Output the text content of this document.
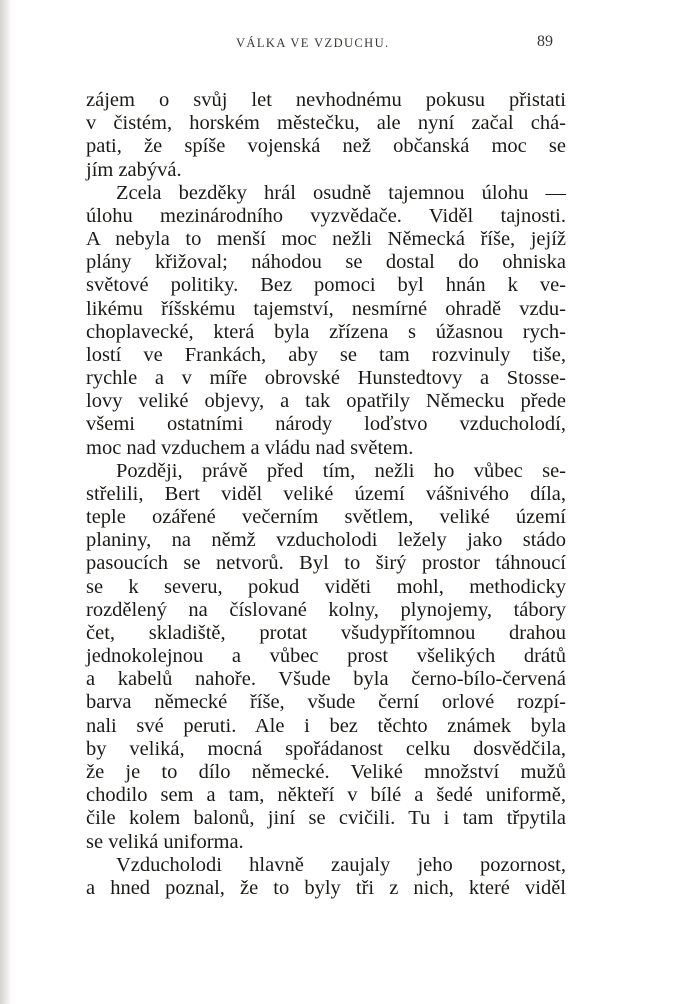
VÁLKA VE VZDUCHU.	89
zájem o svůj let nevhodnému pokusu přistati
v čistém, horském městečku, ale nyní začal chá-
pati, že spíše vojenská než občanská moc se
jím zabývá.
Zcela bezděky hrál osudně tajemnou úlohu —
úlohu mezinárodního vyzvědače. Viděl tajnosti.
A nebyla to menší moc nežli Německá říše, jejíž
plány křižoval; náhodou se dostal do ohniska
světové politiky. Bez pomoci byl hnán k ve-
likému říšskému tajemství, nesmírné ohradě vzdu-
choplavecké, která byla zřízena s úžasnou rych-
lostí ve Frankách, aby se tam rozvinuly tiše,
rychle a v míře obrovské Hunstedtovy a Stosse-
lovy veliké objevy, a tak opatřily Německu přede
všemi ostatními národy loďstvo vzducholodí,
moc nad vzduchem a vládu nad světem.
Později, právě před tím, nežli ho vůbec se-
střelili, Bert viděl veliké území vášnivého díla,
teple ozářené večerním světlem, veliké území
planiny, na němž vzducholodi ležely jako stádo
pasoucích se netvorů. Byl to širý prostor táhnoucí
se k severu, pokud viděti mohl, methodicky
rozdělený na číslované kolny, plynojemy, tábory
čet, skladiště, protat všudypřítomnou drahou
jednokolejnou a vůbec prost všelikých drátů
a kabelů nahoře. Všude byla černo-bílo-červená
barva německé říše, všude černí orlové rozpí-
nali své peruti. Ale i bez těchto známek byla
by veliká, mocná spořádanost celku dosvědčila,
že je to dílo německé. Veliké množství mužů
chodilo sem a tam, někteří v bílé a šedé uniformě,
čile kolem balonů, jiní se cvičili. Tu i tam třpytila
se veliká uniforma.
Vzducholodi hlavně zaujaly jeho pozornost,
a hned poznal, že to byly tři z nich, které viděl
